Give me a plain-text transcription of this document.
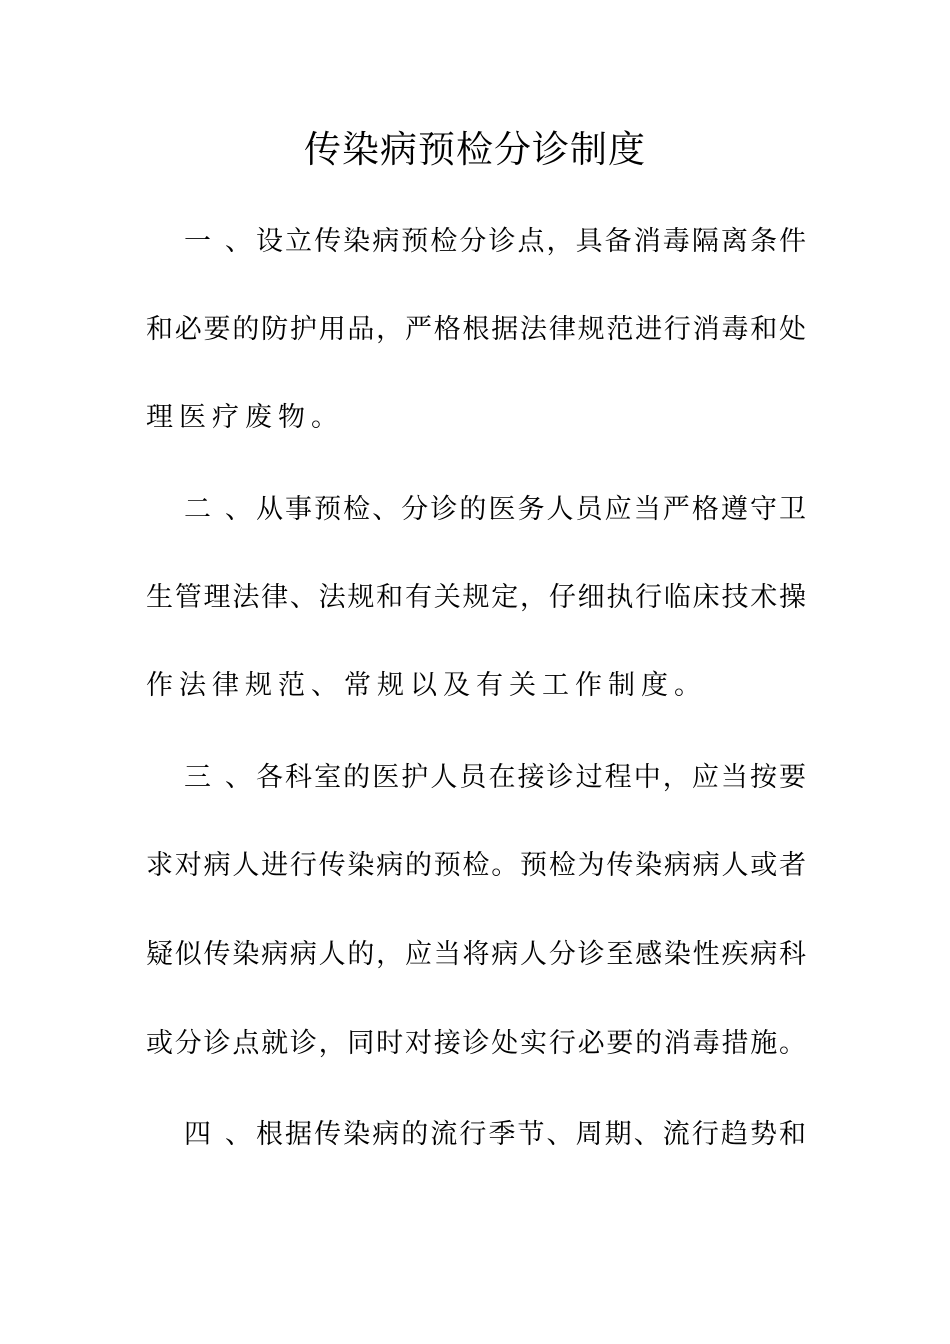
传染病预检分诊制度
一、 设立传染病预检分诊点，具备消毒隔离条件
和必要的防护用品，严格根据法律规范进行消毒和处
理医疗废物。
二、 从事预检、分诊的医务人员应当严格遵守卫
生管理法律、法规和有关规定，仔细执行临床技术操
作法律规范、常规以及有关工作制度。
三、 各科室的医护人员在接诊过程中，应当按要
求对病人进行传染病的预检。预检为传染病病人或者
疑似传染病病人的，应当将病人分诊至感染性疾病科
或分诊点就诊，同时对接诊处实行必要的消毒措施。
四、 根据传染病的流行季节、周期、流行趋势和
